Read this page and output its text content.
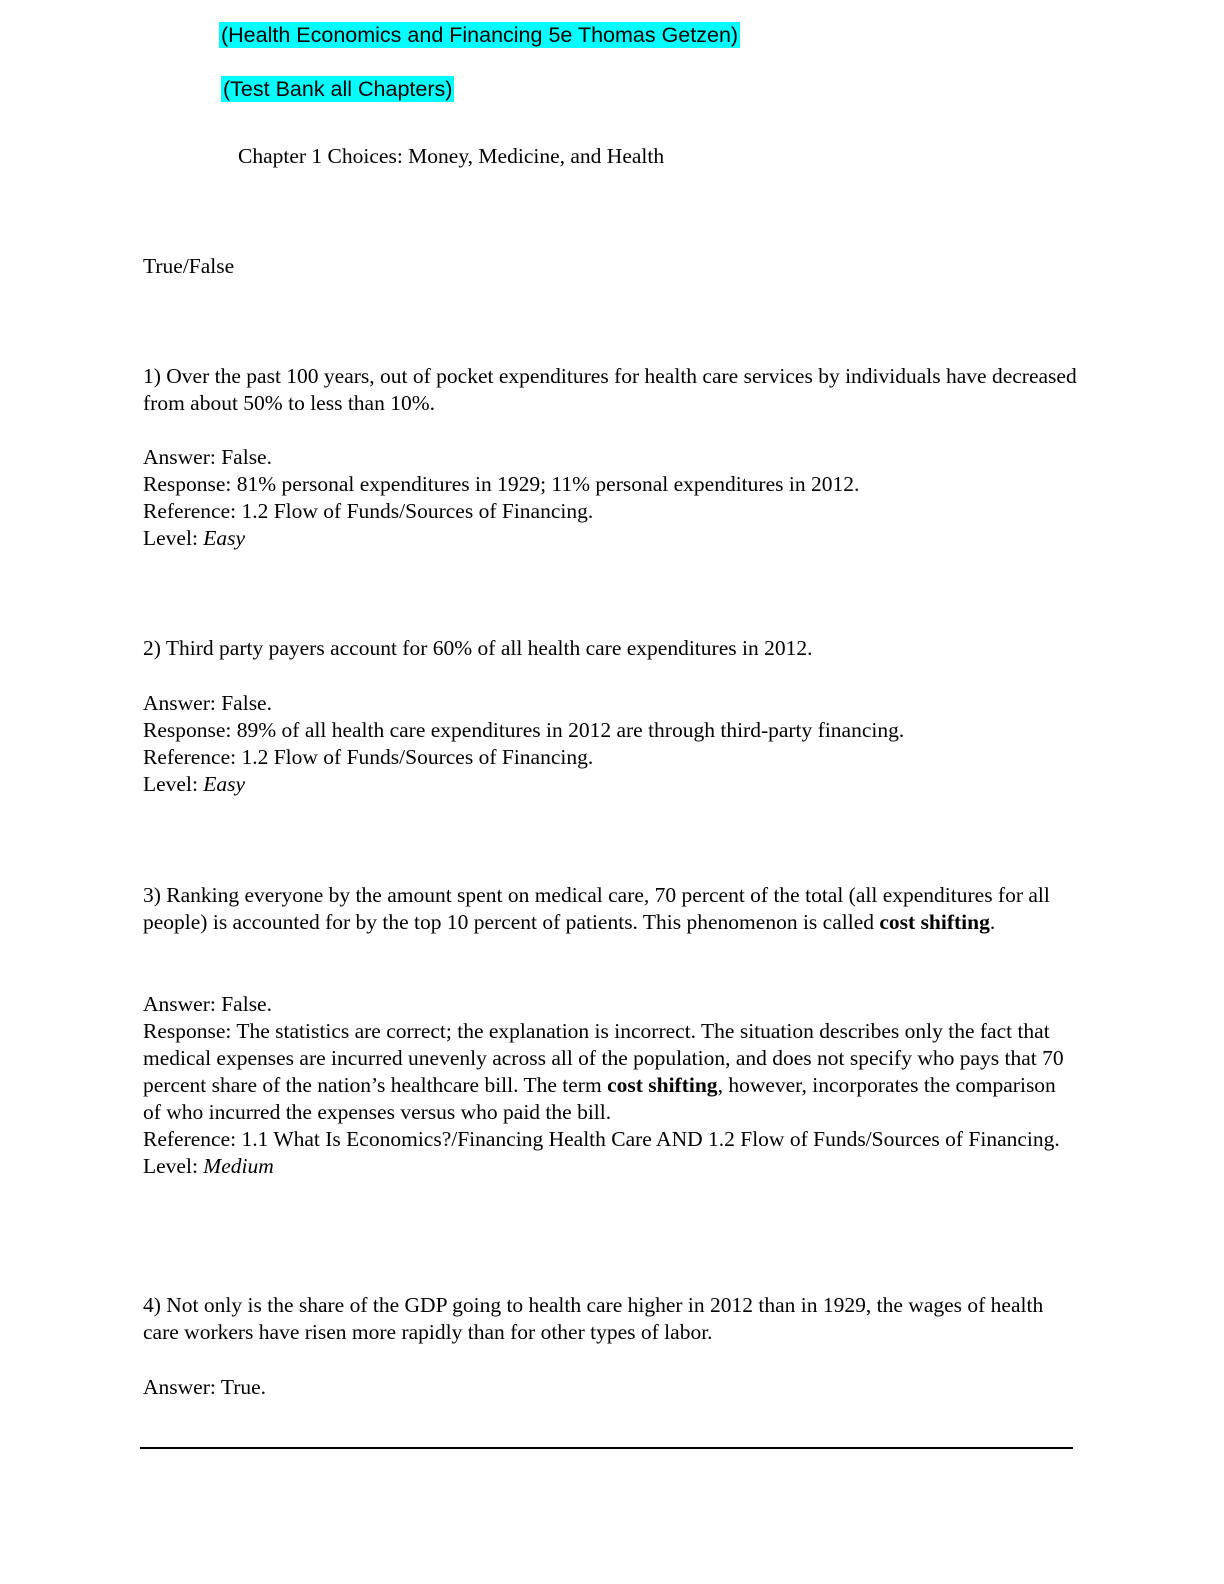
(Health Economics and Financing 5e Thomas Getzen)
(Test Bank all Chapters)
Chapter 1 Choices: Money, Medicine, and Health
True/False

1) Over the past 100 years, out of pocket expenditures for health care services by individuals have decreased from about 50% to less than 10%.

Answer: False.

Response: 81% personal expenditures in 1929; 11% personal expenditures in 2012.

Reference: 1.2 Flow of Funds/Sources of Financing.

Level: Easy

2) Third party payers account for 60% of all health care expenditures in 2012.

Answer: False.

Response: 89% of all health care expenditures in 2012 are through third-party financing.

Reference: 1.2 Flow of Funds/Sources of Financing.

Level: Easy

3) Ranking everyone by the amount spent on medical care, 70 percent of the total (all expenditures for all people) is accounted for by the top 10 percent of patients. This phenomenon is called cost shifting.

Answer: False.

Response: The statistics are correct; the explanation is incorrect. The situation describes only the fact that medical expenses are incurred unevenly across all of the population, and does not specify who pays that 70 percent share of the nation’s healthcare bill. The term cost shifting, however, incorporates the comparison of who incurred the expenses versus who paid the bill.

Reference: 1.1 What Is Economics?/Financing Health Care AND 1.2 Flow of Funds/Sources of Financing.

Level: Medium

4) Not only is the share of the GDP going to health care higher in 2012 than in 1929, the wages of health care workers have risen more rapidly than for other types of labor.

Answer: True.
